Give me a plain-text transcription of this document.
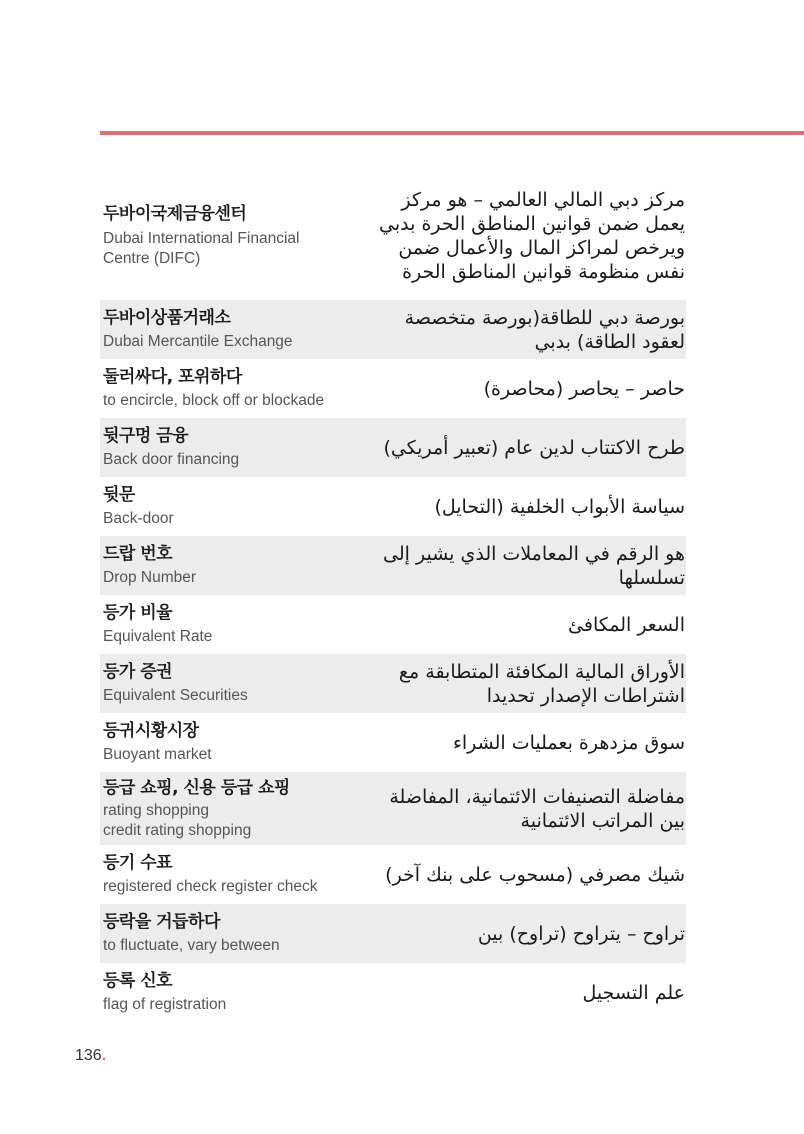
두바이국제금융센터
Dubai International Financial
Centre (DIFC)
مركز دبي المالي العالمي – هو مركز يعمل ضمن قوانين المناطق الحرة بدبي ويرخص لمراكز المال والأعمال ضمن نفس منظومة قوانين المناطق الحرة
두바이상품거래소
Dubai Mercantile Exchange
بورصة دبي للطاقة(بورصة متخصصة لعقود الطاقة) بدبي
둘러싸다, 포위하다
to encircle, block off or blockade
حاصر – يحاصر (محاصرة)
뒷구멍 금융
Back door financing
طرح الاكتتاب لدين عام (تعبير أمريكي)
뒷문
Back-door
سياسة الأبواب الخلفية (التحايل)
드랍 번호
Drop Number
هو الرقم في المعاملات الذي يشير إلى تسلسلها
등가 비율
Equivalent Rate
السعر المكافئ
등가 증권
Equivalent Securities
الأوراق المالية المكافئة المتطابقة مع اشتراطات الإصدار تحديدا
등귀시황시장
Buoyant market
سوق مزدهرة بعمليات الشراء
등급 쇼핑, 신용 등급 쇼핑
rating shopping
credit rating shopping
مفاضلة التصنيفات الائتمانية، المفاضلة بين المراتب الائتمانية
등기 수표
registered check register check
شيك مصرفي (مسحوب على بنك آخر)
등락을 거듭하다
to fluctuate, vary between
تراوح – يتراوح (تراوح) بين
등록 신호
flag of registration
علم التسجيل
136.
